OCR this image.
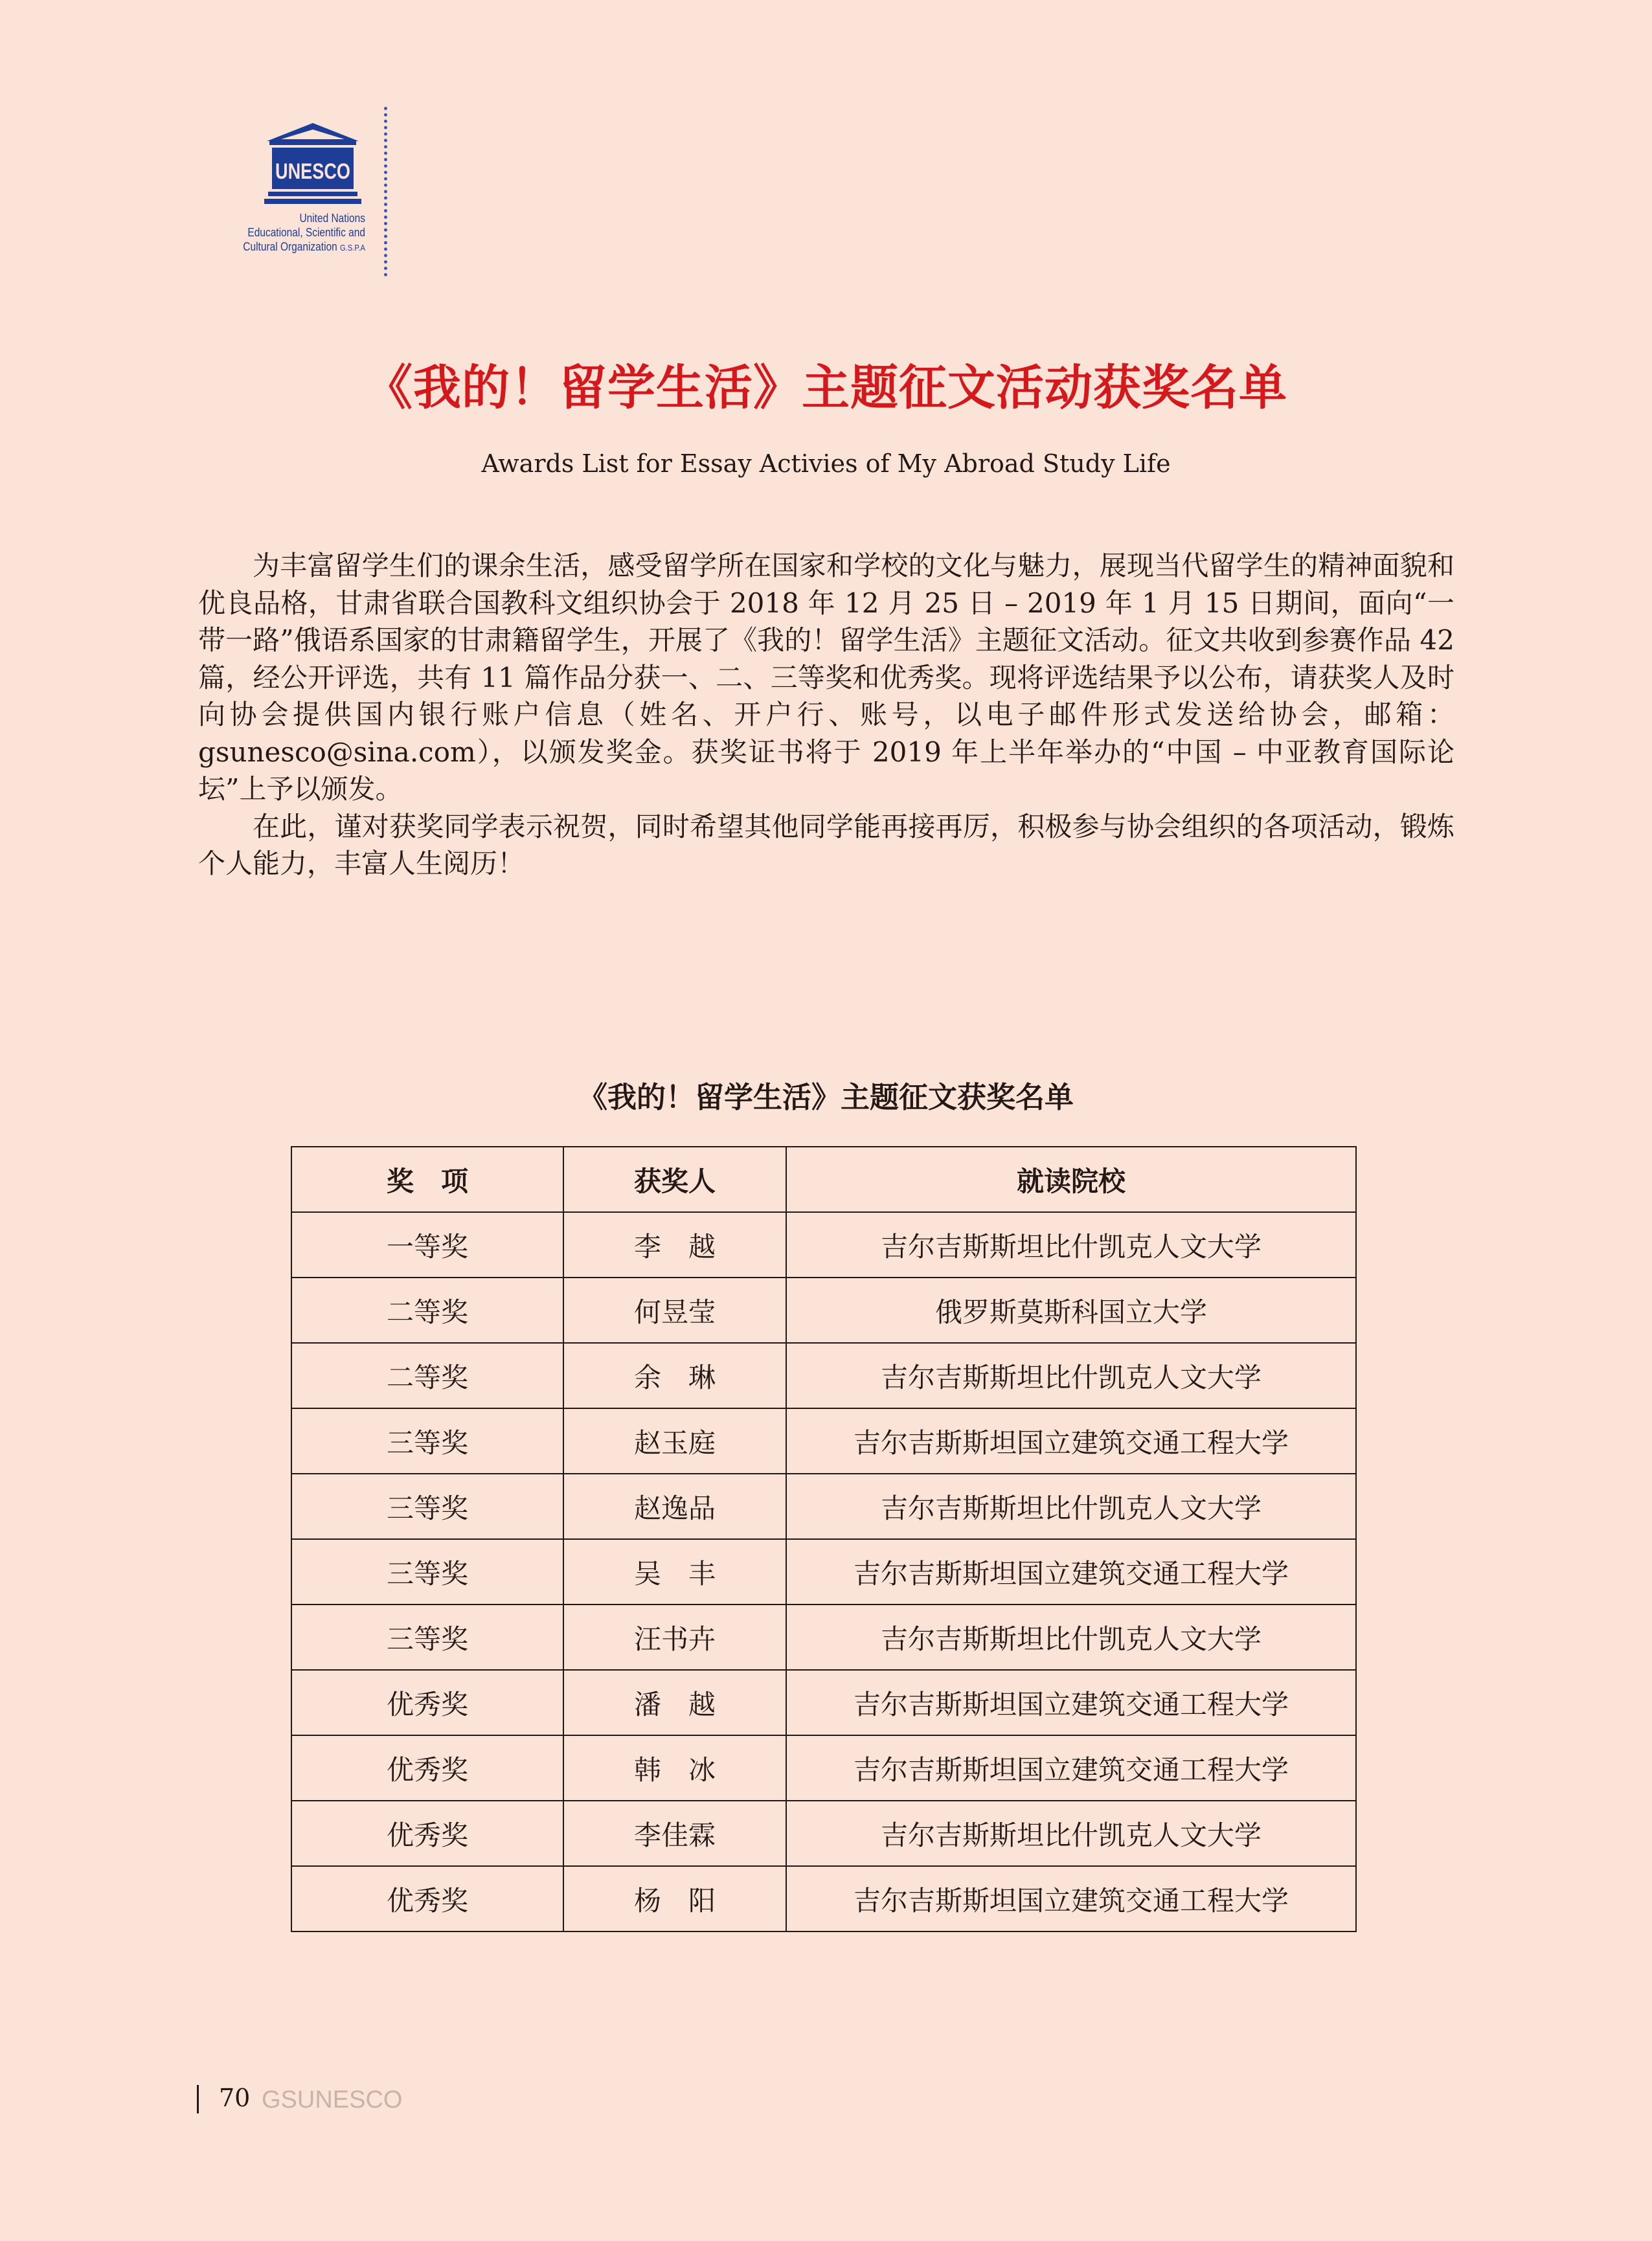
UNESCO
United Nations
Educational, Scientific and
Cultural Organization G.S.P.A
《我的！留学生活》主题征文活动获奖名单
Awards List for Essay Activies of My Abroad Study Life

为丰富留学生们的课余生活，感受留学所在国家和学校的文化与魅力，展现当代留学生的精神面貌和优良品格，甘肃省联合国教科文组织协会于 2018 年 12 月 25 日 – 2019 年 1 月 15 日期间，面向“一带一路”俄语系国家的甘肃籍留学生，开展了《我的！留学生活》主题征文活动。征文共收到参赛作品 42 篇，经公开评选，共有 11 篇作品分获一、二、三等奖和优秀奖。现将评选结果予以公布，请获奖人及时向协会提供国内银行账户信息（姓名、开户行、账号，以电子邮件形式发送给协会，邮箱：gsunesco@sina.com），以颁发奖金。获奖证书将于 2019 年上半年举办的“中国 – 中亚教育国际论坛”上予以颁发。

在此，谨对获奖同学表示祝贺，同时希望其他同学能再接再厉，积极参与协会组织的各项活动，锻炼个人能力，丰富人生阅历！

《我的！留学生活》主题征文获奖名单
奖　项	获奖人	就读院校
一等奖	李　越	吉尔吉斯斯坦比什凯克人文大学
二等奖	何昱莹	俄罗斯莫斯科国立大学
二等奖	余　琳	吉尔吉斯斯坦比什凯克人文大学
三等奖	赵玉庭	吉尔吉斯斯坦国立建筑交通工程大学
三等奖	赵逸品	吉尔吉斯斯坦比什凯克人文大学
三等奖	吴　丰	吉尔吉斯斯坦国立建筑交通工程大学
三等奖	汪书卉	吉尔吉斯斯坦比什凯克人文大学
优秀奖	潘　越	吉尔吉斯斯坦国立建筑交通工程大学
优秀奖	韩　冰	吉尔吉斯斯坦国立建筑交通工程大学
优秀奖	李佳霖	吉尔吉斯斯坦比什凯克人文大学
优秀奖	杨　阳	吉尔吉斯斯坦国立建筑交通工程大学
70 GSUNESCO
